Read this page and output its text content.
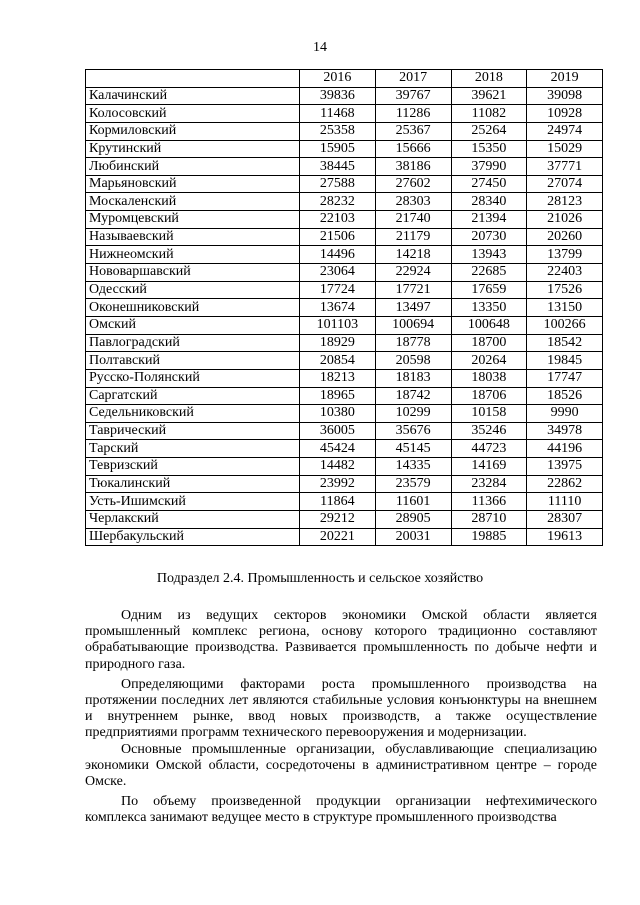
14
	2016	2017	2018	2019
Калачинский	39836	39767	39621	39098
Колосовский	11468	11286	11082	10928
Кормиловский	25358	25367	25264	24974
Крутинский	15905	15666	15350	15029
Любинский	38445	38186	37990	37771
Марьяновский	27588	27602	27450	27074
Москаленский	28232	28303	28340	28123
Муромцевский	22103	21740	21394	21026
Называевский	21506	21179	20730	20260
Нижнеомский	14496	14218	13943	13799
Нововаршавский	23064	22924	22685	22403
Одесский	17724	17721	17659	17526
Оконешниковский	13674	13497	13350	13150
Омский	101103	100694	100648	100266
Павлоградский	18929	18778	18700	18542
Полтавский	20854	20598	20264	19845
Русско-Полянский	18213	18183	18038	17747
Саргатский	18965	18742	18706	18526
Седельниковский	10380	10299	10158	9990
Таврический	36005	35676	35246	34978
Тарский	45424	45145	44723	44196
Тевризский	14482	14335	14169	13975
Тюкалинский	23992	23579	23284	22862
Усть-Ишимский	11864	11601	11366	11110
Черлакский	29212	28905	28710	28307
Шербакульский	20221	20031	19885	19613
Подраздел 2.4. Промышленность и сельское хозяйство

Одним из ведущих секторов экономики Омской области является промышленный комплекс региона, основу которого традиционно составляют обрабатывающие производства. Развивается промышленность по добыче нефти и природного газа.

Определяющими факторами роста промышленного производства на протяжении последних лет являются стабильные условия конъюнктуры на внешнем и внутреннем рынке, ввод новых производств, а также осуществление предприятиями программ технического перевооружения и модернизации.

Основные промышленные организации, обуславливающие специализацию экономики Омской области, сосредоточены в административном центре – городе Омске.

По объему произведенной продукции организации нефтехимического комплекса занимают ведущее место в структуре промышленного производства
